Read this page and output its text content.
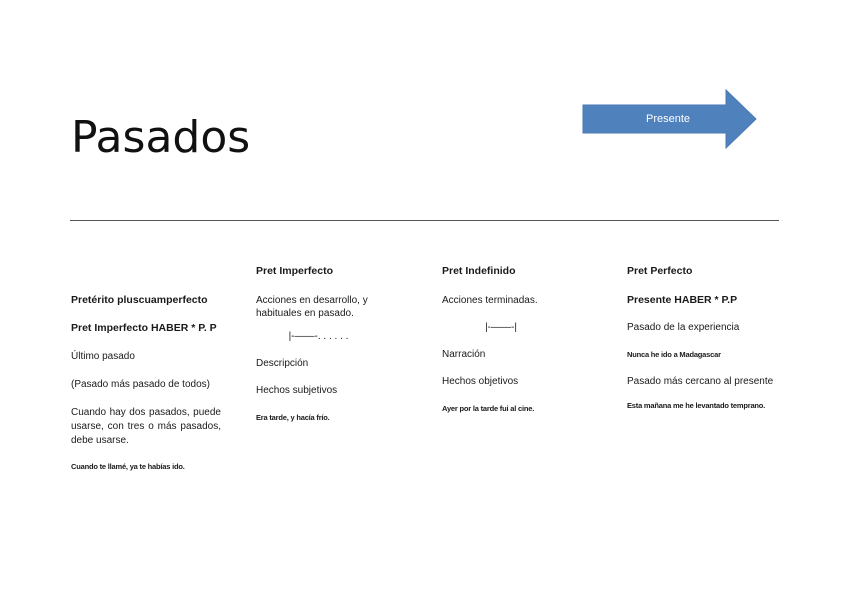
Pasados	Presente

Pretérito pluscuamperfecto

Pret Imperfecto HABER * P. P

Último pasado

(Pasado más pasado de todos)

Cuando hay dos pasados, puede usarse, con tres o más pasados, debe usarse.

Cuando te llamé, ya te habías ido.

Pret Imperfecto

Acciones en desarrollo, y habituales en pasado.

|-——-. . . . . .

Descripción

Hechos subjetivos

Era tarde, y hacía frío.

Pret Indefinido

Acciones terminadas.

|-——-|

Narración

Hechos objetivos

Ayer por la tarde fui al cine.

Pret Perfecto

Presente HABER * P.P

Pasado de la experiencia

Nunca he ido a Madagascar

Pasado más cercano al presente

Esta mañana me he levantado temprano.
